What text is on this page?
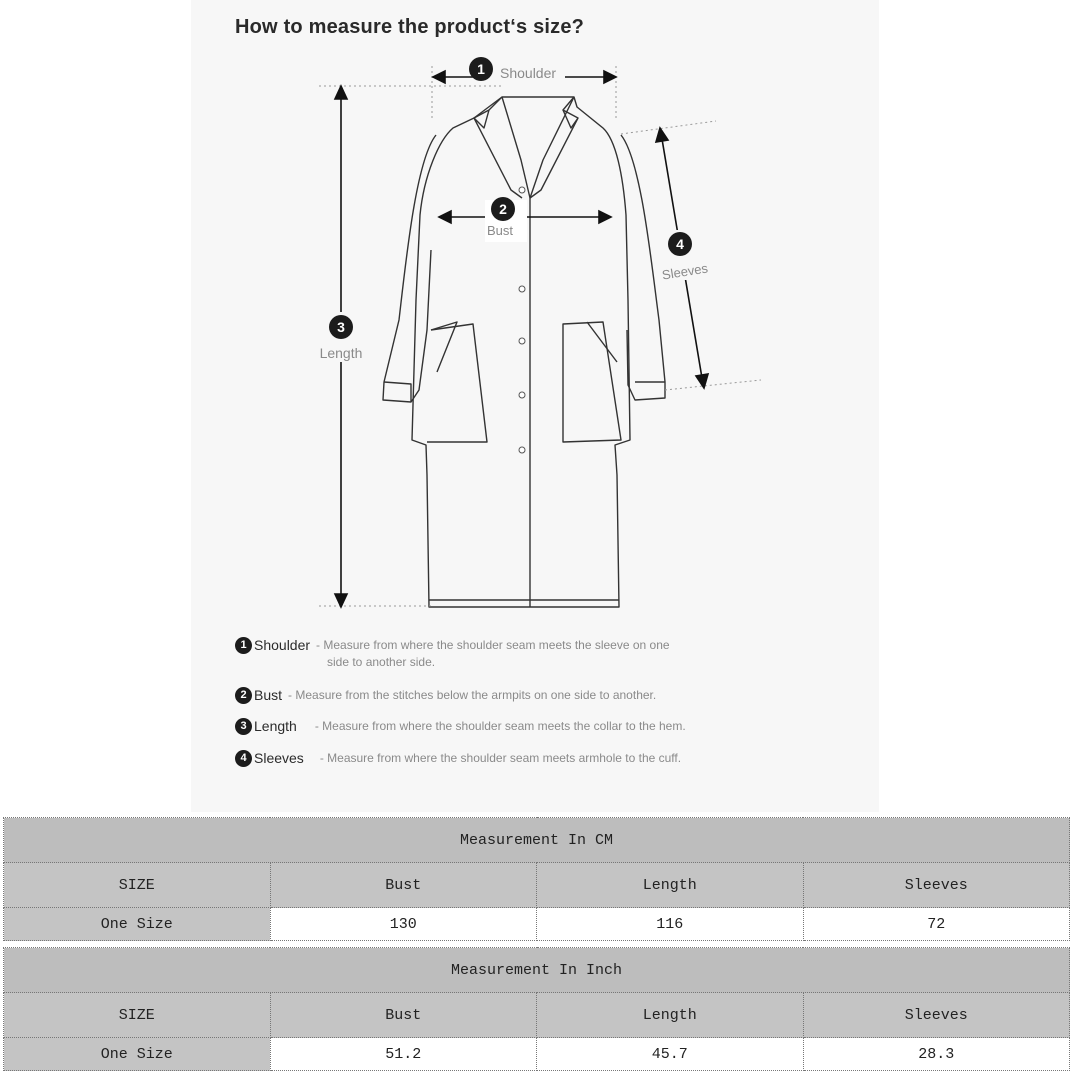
How to measure the product‘s size?
1 Shoulder
2
Bust
3
Length
4
Sleeves
1 Shoulder - Measure from where the shoulder seam meets the sleeve on one
side to another side.
2 Bust - Measure from the stitches below the armpits on one side to another.
3 Length - Measure from where the shoulder seam meets the collar to the hem.
4 Sleeves - Measure from where the shoulder seam meets armhole to the cuff.
Measurement In CM			
SIZE	Bust	Length	Sleeves
One Size	130	116	72
Measurement In Inch			
SIZE	Bust	Length	Sleeves
One Size	51.2	45.7	28.3
